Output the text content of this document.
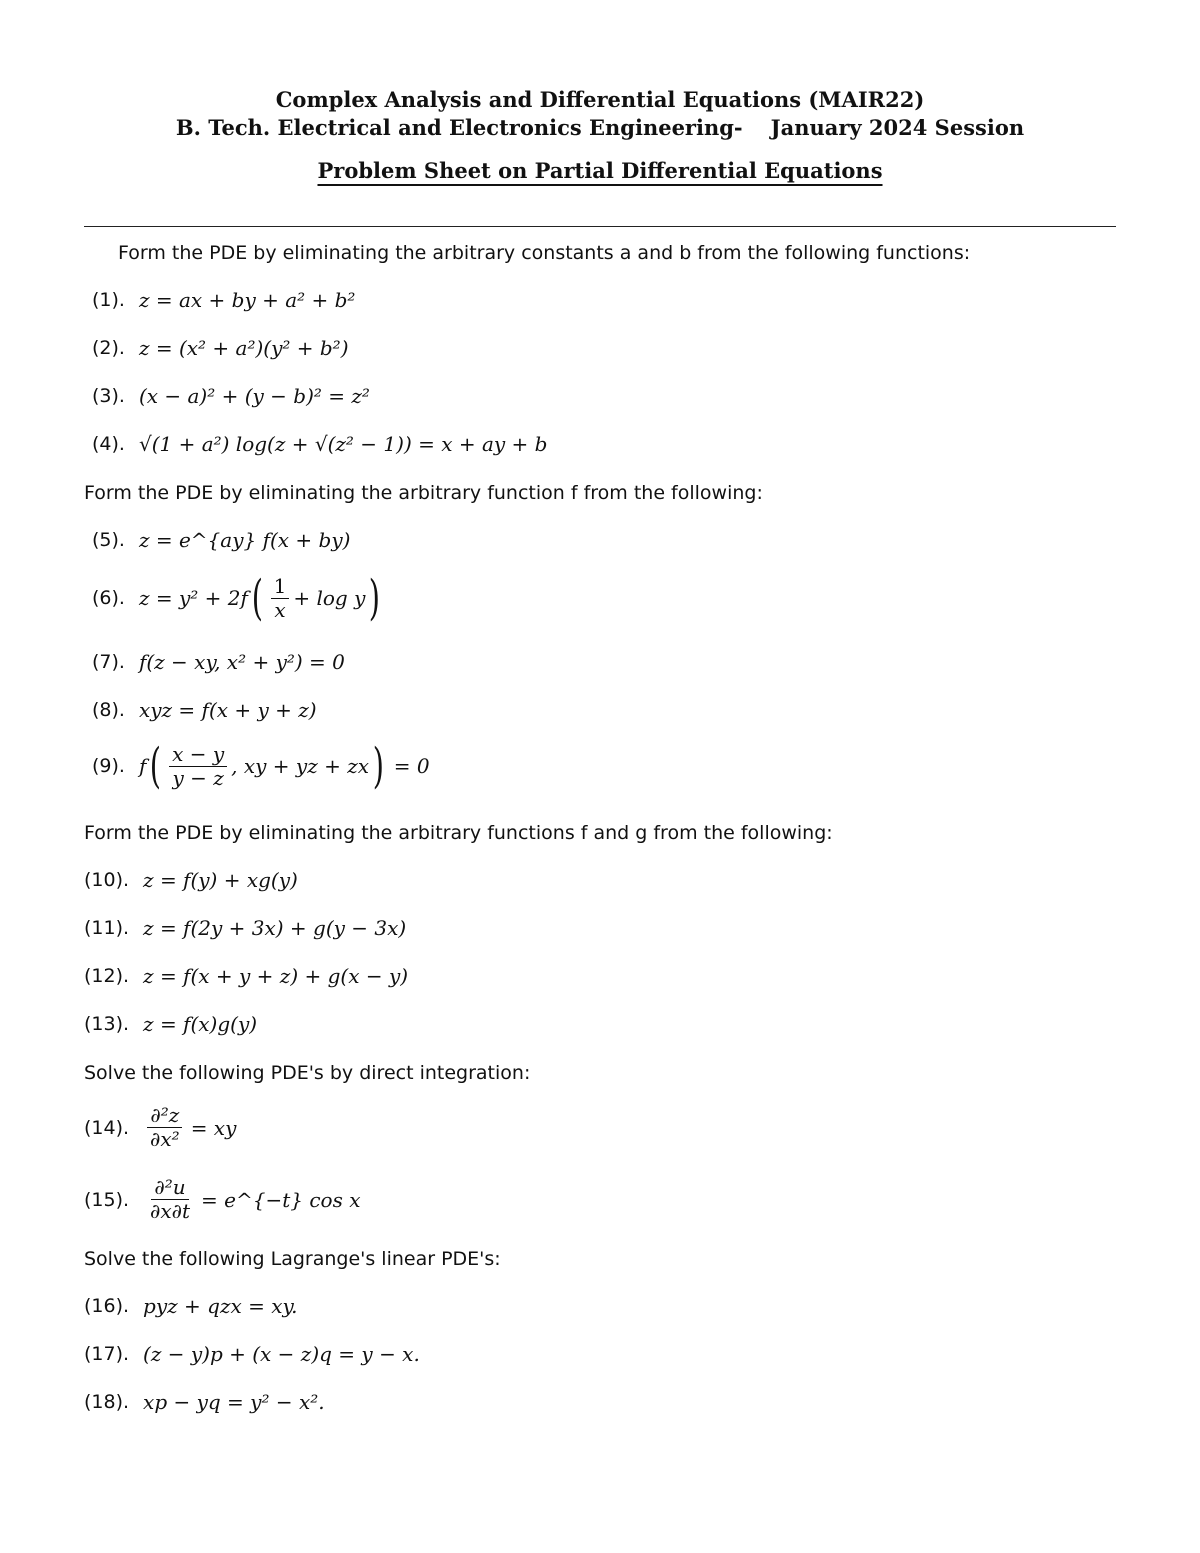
Complex Analysis and Differential Equations (MAIR22)
B. Tech. Electrical and Electronics Engineering- January 2024 Session
Problem Sheet on Partial Differential Equations
Form the PDE by eliminating the arbitrary constants a and b from the following functions:
(1). z = ax + by + a² + b²
(2). z = (x² + a²)(y² + b²)
(3). (x − a)² + (y − b)² = z²
(4). √(1 + a²) log(z + √(z² − 1)) = x + ay + b
Form the PDE by eliminating the arbitrary function f from the following:
(5). z = e^{ay} f(x + by)
(6). z = y² + 2f ( $\frac{1}{x} + \log y$ )
(7). f(z − xy, x² + y²) = 0
(8). xyz = f(x + y + z)
(9). f ( $\frac{x - y}{y - z}$ , xy + yz + zx ) = 0
Form the PDE by eliminating the arbitrary functions f and g from the following:
(10). z = f(y) + xg(y)
(11). z = f(2y + 3x) + g(y − 3x)
(12). z = f(x + y + z) + g(x − y)
(13). z = f(x)g(y)
Solve the following PDE's by direct integration:
(14). $\frac{\text{∂²z}}{\text{∂x²}}$ = xy
(15). $\frac{\text{∂²u}}{\partial x\partial t}$ = e^{−t} cos x
Solve the following Lagrange's linear PDE's:
(16). pyz + qzx = xy.
(17). (z − y)p + (x − z)q = y − x.
(18). xp − yq = y² − x².
